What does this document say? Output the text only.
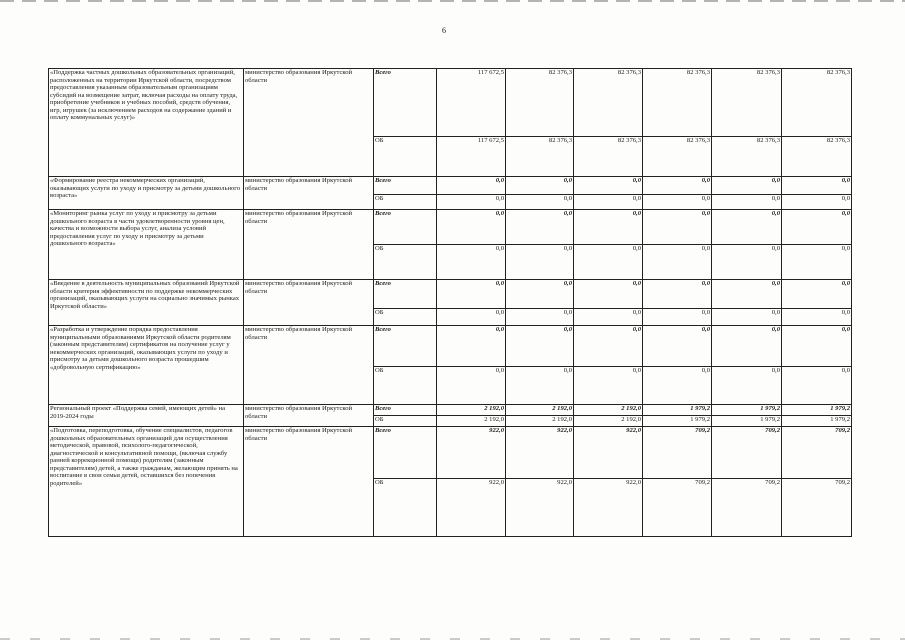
6
«Поддержка частных дошкольных образовательных организаций, расположенных на территории Иркутской области, посредством предоставления указанным образовательным организациям субсидий на возмещение затрат, включая расходы на оплату труда, приобретение учебников и учебных пособий, средств обучения, игр, игрушек (за исключением расходов на содержание зданий и оплату коммунальных услуг)»	министерство образования Иркутской области	Всего	117 672,5	82 376,3	82 376,3	82 376,3	82 376,3	82 376,3
		ОБ	117 672,5	82 376,3	82 376,3	82 376,3	82 376,3	82 376,3
«Формирование реестра некоммерческих организаций, оказывающих услуги по уходу и присмотру за детьми дошкольного возраста»	министерство образования Иркутской области	Всего	0,0	0,0	0,0	0,0	0,0	0,0
		ОБ	0,0	0,0	0,0	0,0	0,0	0,0
«Мониторинг рынка услуг по уходу и присмотру за детьми дошкольного возраста в части удовлетворенности уровня цен, качества и возможности выбора услуг, анализа условий предоставления услуг по уходу и присмотру за детьми дошкольного возраста»	министерство образования Иркутской области	Всего	0,0	0,0	0,0	0,0	0,0	0,0
		ОБ	0,0	0,0	0,0	0,0	0,0	0,0
«Введение в деятельность муниципальных образований Иркутской области критерия эффективности по поддержке некоммерческих организаций, оказывающих услуги на социально значимых рынках Иркутской области»	министерство образования Иркутской области	Всего	0,0	0,0	0,0	0,0	0,0	0,0
		ОБ	0,0	0,0	0,0	0,0	0,0	0,0
«Разработка и утверждение порядка предоставления муниципальными образованиями Иркутской области родителям (законным представителям) сертификатов на получение услуг у некоммерческих организаций, оказывающих услуги по уходу и присмотру за детьми дошкольного возраста прошедшим «добровольную сертификацию»	министерство образования Иркутской области	Всего	0,0	0,0	0,0	0,0	0,0	0,0
		ОБ	0,0	0,0	0,0	0,0	0,0	0,0
Региональный проект «Поддержка семей, имеющих детей» на 2019-2024 годы	министерство образования Иркутской области	Всего	2 192,0	2 192,0	2 192,0	1 979,2	1 979,2	1 979,2
		ОБ	2 192,0	2 192,0	2 192,0	1 979,2	1 979,2	1 979,2
«Подготовка, переподготовка, обучение специалистов, педагогов дошкольных образовательных организаций для осуществления методической, правовой, психолого-педагогической, диагностической и консультативной помощи, (включая службу ранней коррекционной помощи) родителям (законным представителям) детей, а также гражданам, желающим принять на воспитание в свои семьи детей, оставшихся без попечения родителей»	министерство образования Иркутской области	Всего	922,0	922,0	922,0	709,2	709,2	709,2
		ОБ	922,0	922,0	922,0	709,2	709,2	709,2
